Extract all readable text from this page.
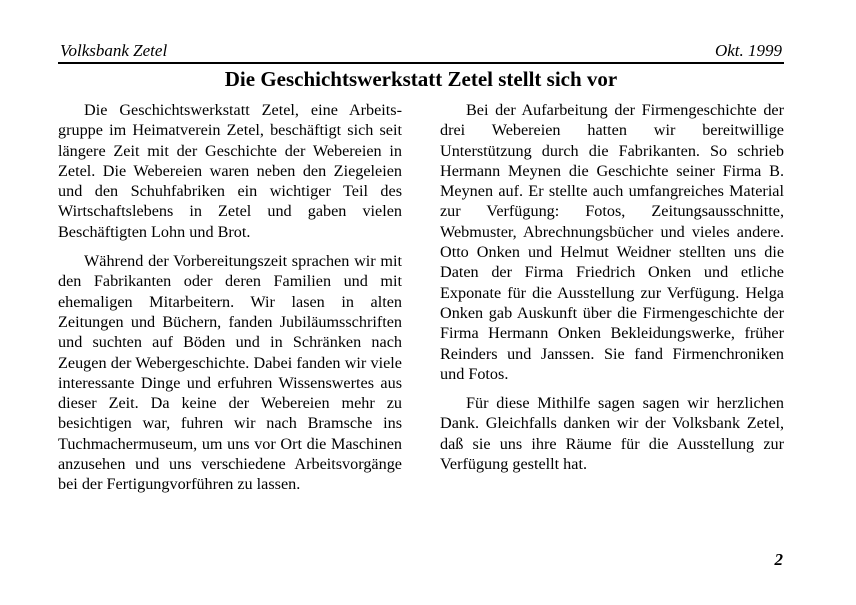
Volksbank Zetel	Okt. 1999
Die Geschichtswerkstatt Zetel stellt sich vor

Die Geschichtswerkstatt Zetel, eine Arbeitsgruppe im Heimatverein Zetel, beschäftigt sich seit längere Zeit mit der Geschichte der Webereien in Zetel. Die Webereien waren neben den Ziegeleien und den Schuhfabriken ein wichtiger Teil des Wirtschaftslebens in Zetel und gaben vielen Beschäftigten Lohn und Brot.

Während der Vorbereitungszeit sprachen wir mit den Fabrikanten oder deren Familien und mit ehemaligen Mitarbeitern. Wir lasen in alten Zeitungen und Büchern, fanden Jubiläumsschriften und suchten auf Böden und in Schränken nach Zeugen der Webergeschichte. Dabei fanden wir viele interessante Dinge und erfuhren Wissenswertes aus dieser Zeit. Da keine der Webereien mehr zu besichtigen war, fuhren wir nach Bramsche ins Tuchmachermuseum, um uns vor Ort die Maschinen anzusehen und uns verschiedene Arbeitsvorgänge bei der Fertigungvorführen zu lassen.

Bei der Aufarbeitung der Firmengeschichte der drei Webereien hatten wir bereitwillige Unterstützung durch die Fabrikanten. So schrieb Hermann Meynen die Geschichte seiner Firma B. Meynen auf. Er stellte auch umfangreiches Material zur Verfügung: Fotos, Zeitungsausschnitte, Webmuster, Abrechnungsbücher und vieles andere. Otto Onken und Helmut Weidner stellten uns die Daten der Firma Friedrich Onken und etliche Exponate für die Ausstellung zur Verfügung. Helga Onken gab Auskunft über die Firmengeschichte der Firma Hermann Onken Bekleidungswerke, früher Reinders und Janssen. Sie fand Firmenchroniken und Fotos.

Für diese Mithilfe sagen sagen wir herzlichen Dank. Gleichfalls danken wir der Volksbank Zetel, daß sie uns ihre Räume für die Ausstellung zur Verfügung gestellt hat.

2
